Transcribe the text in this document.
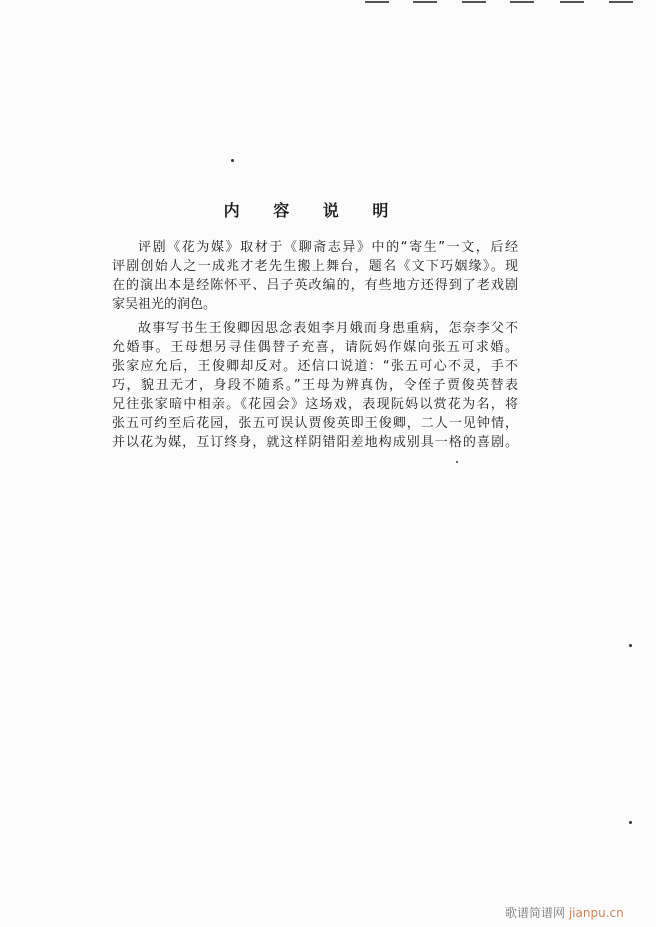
内 容 说 明
评剧《花为媒》取材于《聊斋志异》中的“寄生”一文，后经
评剧创始人之一成兆才老先生搬上舞台，题名《文下巧姻缘》。现
在的演出本是经陈怀平、吕子英改编的，有些地方还得到了老戏剧
家吴祖光的润色。
故事写书生王俊卿因思念表姐李月娥而身患重病，怎奈李父不
允婚事。王母想另寻佳偶替子充喜，请阮妈作媒向张五可求婚。
张家应允后，王俊卿却反对。还信口说道：“张五可心不灵，手不
巧，貌丑无才，身段不随系。”王母为辨真伪，令侄子贾俊英替表
兄往张家暗中相亲。《花园会》这场戏，表现阮妈以赏花为名，将
张五可约至后花园，张五可误认贾俊英即王俊卿，二人一见钟情，
并以花为媒，互订终身，就这样阴错阳差地构成别具一格的喜剧。
歌谱简谱网 jianpu.cn
